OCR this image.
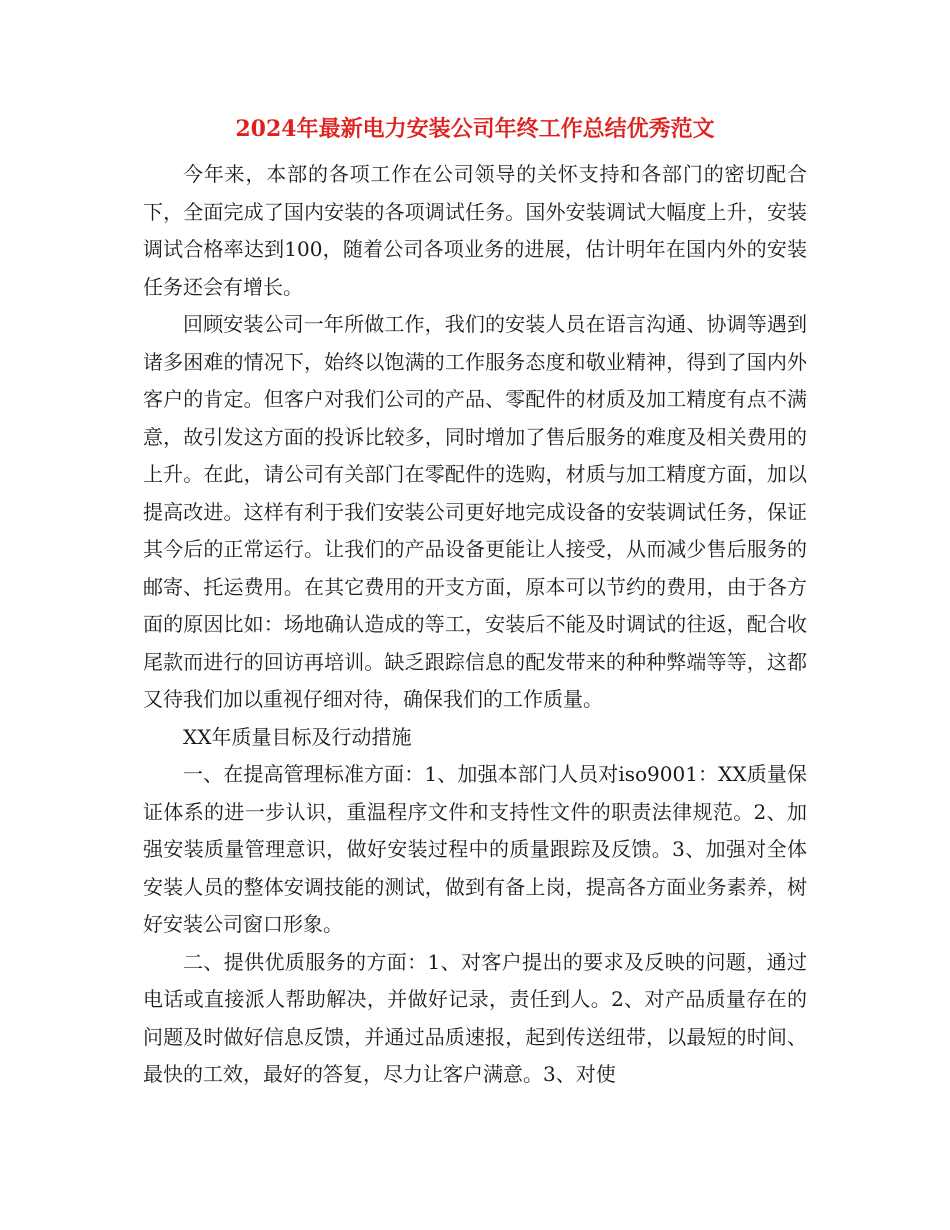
2024年最新电力安装公司年终工作总结优秀范文

今年来，本部的各项工作在公司领导的关怀支持和各部门的密切配合下，全面完成了国内安装的各项调试任务。国外安装调试大幅度上升，安装调试合格率达到100，随着公司各项业务的进展，估计明年在国内外的安装任务还会有增长。

回顾安装公司一年所做工作，我们的安装人员在语言沟通、协调等遇到诸多困难的情况下，始终以饱满的工作服务态度和敬业精神，得到了国内外客户的肯定。但客户对我们公司的产品、零配件的材质及加工精度有点不满意，故引发这方面的投诉比较多，同时增加了售后服务的难度及相关费用的上升。在此，请公司有关部门在零配件的选购，材质与加工精度方面，加以提高改进。这样有利于我们安装公司更好地完成设备的安装调试任务，保证其今后的正常运行。让我们的产品设备更能让人接受，从而减少售后服务的邮寄、托运费用。在其它费用的开支方面，原本可以节约的费用，由于各方面的原因比如：场地确认造成的等工，安装后不能及时调试的往返，配合收尾款而进行的回访再培训。缺乏跟踪信息的配发带来的种种弊端等等，这都又待我们加以重视仔细对待，确保我们的工作质量。

XX年质量目标及行动措施

一、在提高管理标准方面：1、加强本部门人员对iso9001：XX质量保证体系的进一步认识，重温程序文件和支持性文件的职责法律规范。2、加强安装质量管理意识，做好安装过程中的质量跟踪及反馈。3、加强对全体安装人员的整体安调技能的测试，做到有备上岗，提高各方面业务素养，树好安装公司窗口形象。

二、提供优质服务的方面：1、对客户提出的要求及反映的问题，通过电话或直接派人帮助解决，并做好记录，责任到人。2、对产品质量存在的问题及时做好信息反馈，并通过品质速报，起到传送纽带，以最短的时间、最快的工效，最好的答复，尽力让客户满意。3、对使
